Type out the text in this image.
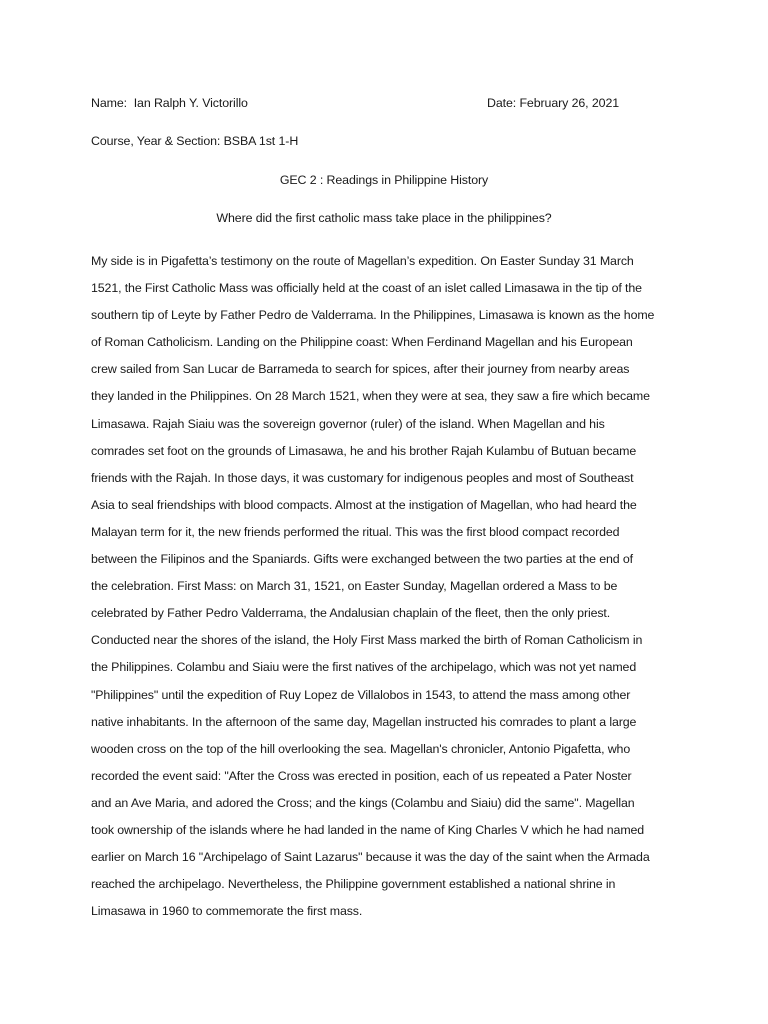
Name: Ian Ralph Y. Victorillo	Date: February 26, 2021
Course, Year & Section: BSBA 1st 1-H
GEC 2 : Readings in Philippine History
Where did the first catholic mass take place in the philippines?
My side is in Pigafetta’s testimony on the route of Magellan’s expedition. On Easter Sunday 31 March
1521, the First Catholic Mass was officially held at the coast of an islet called Limasawa in the tip of the
southern tip of Leyte by Father Pedro de Valderrama. In the Philippines, Limasawa is known as the home
of Roman Catholicism. Landing on the Philippine coast: When Ferdinand Magellan and his European
crew sailed from San Lucar de Barrameda to search for spices, after their journey from nearby areas
they landed in the Philippines. On 28 March 1521, when they were at sea, they saw a fire which became
Limasawa. Rajah Siaiu was the sovereign governor (ruler) of the island. When Magellan and his
comrades set foot on the grounds of Limasawa, he and his brother Rajah Kulambu of Butuan became
friends with the Rajah. In those days, it was customary for indigenous peoples and most of Southeast
Asia to seal friendships with blood compacts. Almost at the instigation of Magellan, who had heard the
Malayan term for it, the new friends performed the ritual. This was the first blood compact recorded
between the Filipinos and the Spaniards. Gifts were exchanged between the two parties at the end of
the celebration. First Mass: on March 31, 1521, on Easter Sunday, Magellan ordered a Mass to be
celebrated by Father Pedro Valderrama, the Andalusian chaplain of the fleet, then the only priest.
Conducted near the shores of the island, the Holy First Mass marked the birth of Roman Catholicism in
the Philippines. Colambu and Siaiu were the first natives of the archipelago, which was not yet named
"Philippines" until the expedition of Ruy Lopez de Villalobos in 1543, to attend the mass among other
native inhabitants. In the afternoon of the same day, Magellan instructed his comrades to plant a large
wooden cross on the top of the hill overlooking the sea. Magellan's chronicler, Antonio Pigafetta, who
recorded the event said: "After the Cross was erected in position, each of us repeated a Pater Noster
and an Ave Maria, and adored the Cross; and the kings (Colambu and Siaiu) did the same". Magellan
took ownership of the islands where he had landed in the name of King Charles V which he had named
earlier on March 16 "Archipelago of Saint Lazarus" because it was the day of the saint when the Armada
reached the archipelago. Nevertheless, the Philippine government established a national shrine in
Limasawa in 1960 to commemorate the first mass.
